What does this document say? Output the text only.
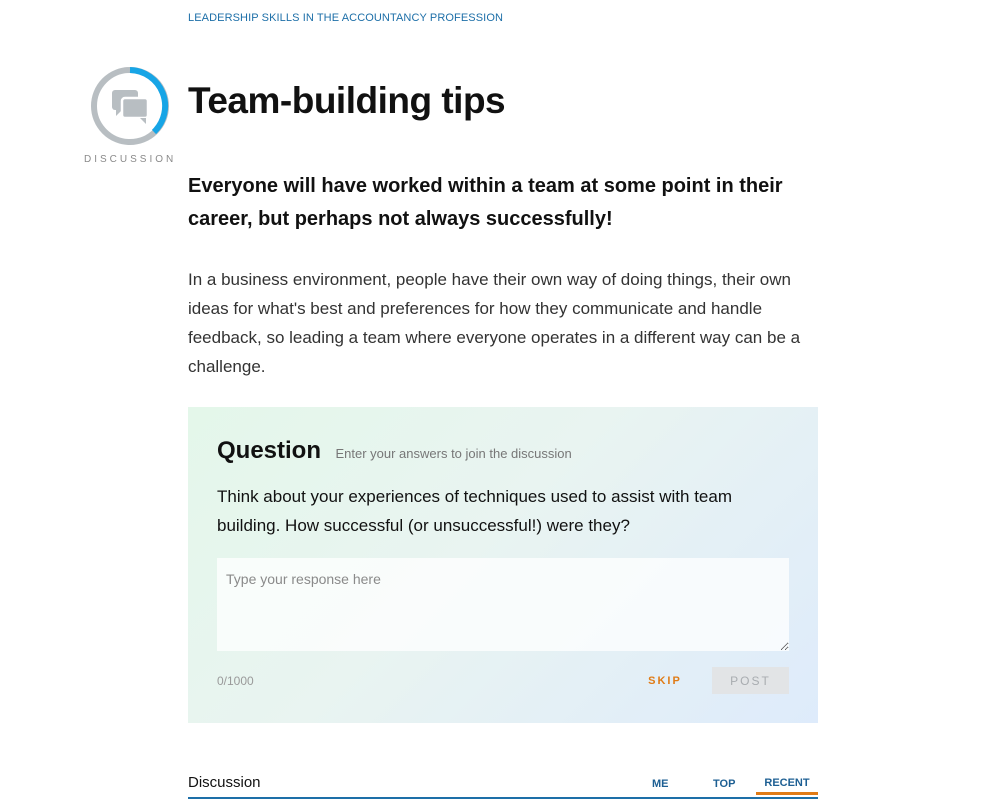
LEADERSHIP SKILLS IN THE ACCOUNTANCY PROFESSION
DISCUSSION
Team-building tips

Everyone will have worked within a team at some point in their career, but perhaps not always successfully!

In a business environment, people have their own way of doing things, their own ideas for what's best and preferences for how they communicate and handle feedback, so leading a team where everyone operates in a different way can be a challenge.

Question Enter your answers to join the discussion

Think about your experiences of techniques used to assist with team building. How successful (or unsuccessful!) were they?

Type your response here
0/1000	SKIP	POST
Discussion	ME	TOP	RECENT
